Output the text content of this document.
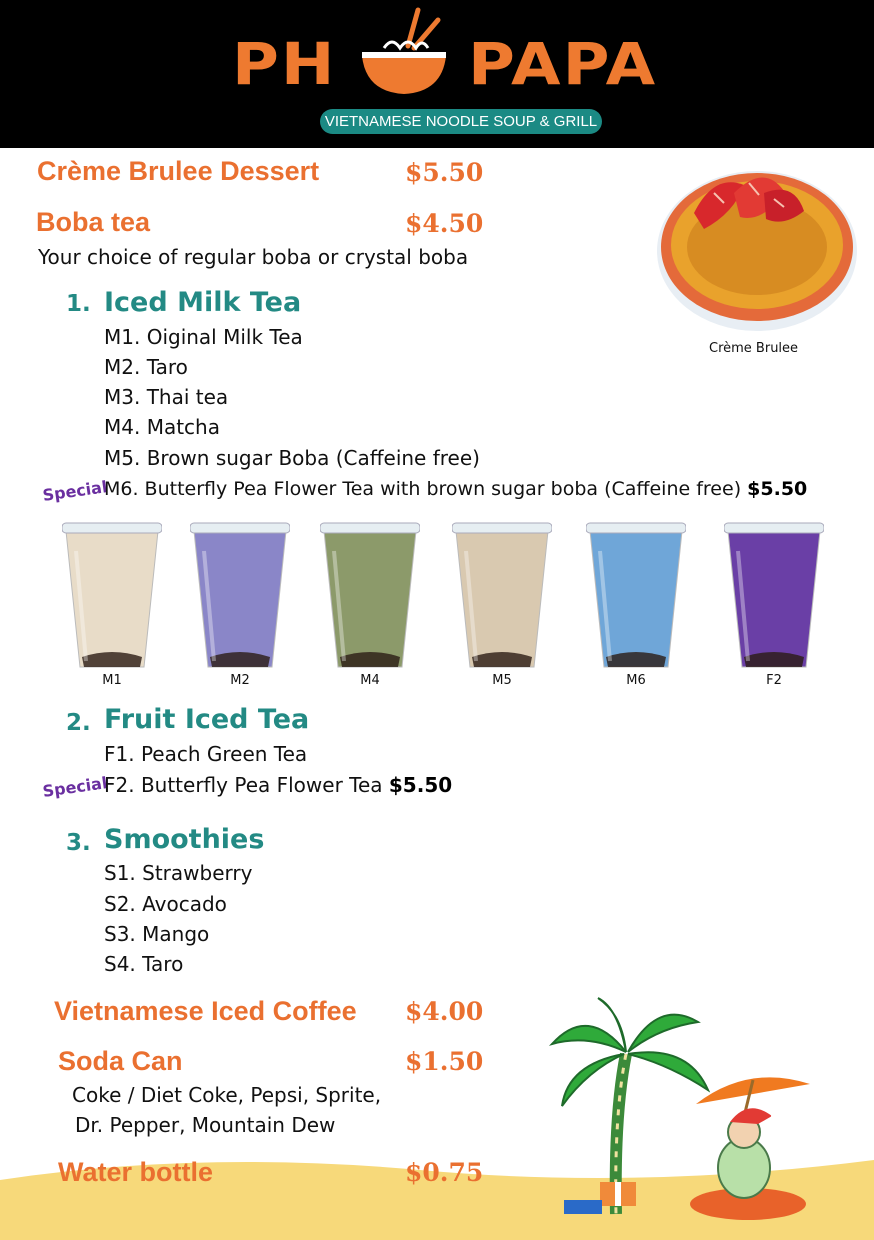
PH PAPA
VIETNAMESE NOODLE SOUP & GRILL
Crème Brulee Dessert	$5.50
Crème Brulee
Boba tea	$4.50
Your choice of regular boba or crystal boba
1. Iced Milk Tea
M1. Oiginal Milk Tea
M2. Taro
M3. Thai tea
M4. Matcha
M5. Brown sugar Boba (Caffeine free)
Special
M6. Butterfly Pea Flower Tea with brown sugar boba (Caffeine free) $5.50
M1	M2	M4	M5	M6	F2
2. Fruit Iced Tea
F1. Peach Green Tea
Special
F2. Butterfly Pea Flower Tea $5.50
3. Smoothies
S1. Strawberry
S2. Avocado
S3. Mango
S4. Taro
Vietnamese Iced Coffee $4.00
Soda Can	$1.50
Coke / Diet Coke, Pepsi, Sprite,
Dr. Pepper, Mountain Dew
Water bottle	$0.75
